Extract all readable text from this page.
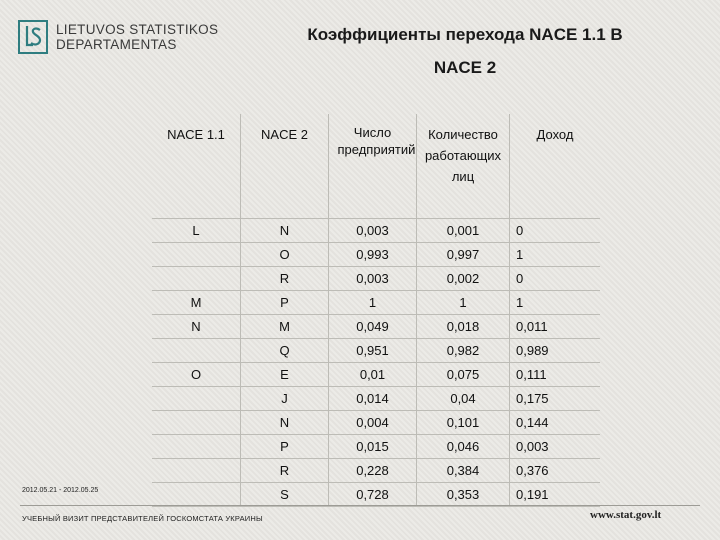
LIETUVOS STATISTIKOS
DEPARTAMENTAS
Коэффициенты перехода NACE 1.1 В
NACE 2
NACE 1.1	NACE 2	Число предприятий	Количество работающих лиц	Доход
L	N	0,003	0,001	0
	O	0,993	0,997	1
	R	0,003	0,002	0
M	P	1	1	1
N	M	0,049	0,018	0,011
	Q	0,951	0,982	0,989
O	E	0,01	0,075	0,111
	J	0,014	0,04	0,175
	N	0,004	0,101	0,144
	P	0,015	0,046	0,003
	R	0,228	0,384	0,376
	S	0,728	0,353	0,191
2012.05.21 - 2012.05.25
УЧЕБНЫЙ ВИЗИТ ПРЕДСТАВИТЕЛЕЙ ГОСКОМСТАТА УКРАИНЫ	www.stat.gov.lt
